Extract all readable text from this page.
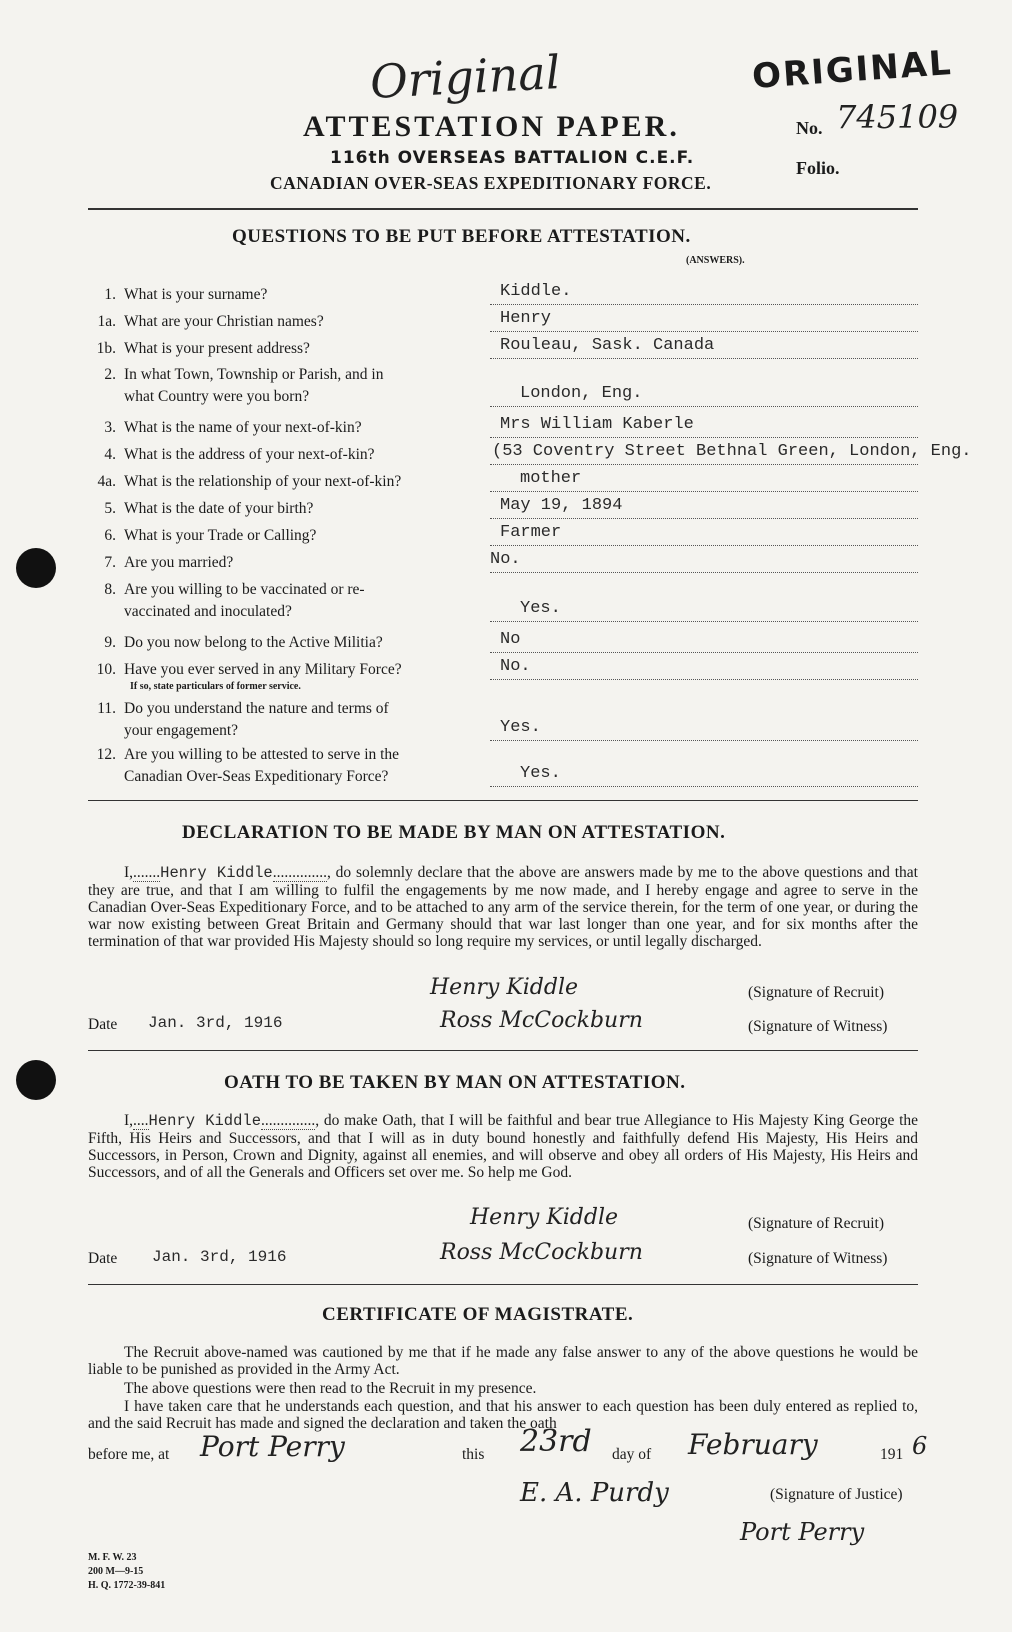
Original	ORIGINAL
ATTESTATION PAPER.
116th OVERSEAS BATTALION C.E.F.
CANADIAN OVER-SEAS EXPEDITIONARY FORCE.
No. 745109
Folio.
QUESTIONS TO BE PUT BEFORE ATTESTATION.
(ANSWERS).
1. What is your surname?	Kiddle.
1a. What are your Christian names?	Henry
1b. What is your present address?	Rouleau, Sask. Canada
2. In what Town, Township or Parish, and in
what Country were you born?	London, Eng.
3. What is the name of your next-of-kin?	Mrs William Kaberle
4. What is the address of your next-of-kin?	(53 Coventry Street Bethnal Green, London, Eng.
4a. What is the relationship of your next-of-kin?	mother
5. What is the date of your birth?	May 19, 1894
6. What is your Trade or Calling?	Farmer
7. Are you married?	No.
8. Are you willing to be vaccinated or re-
vaccinated and inoculated?	Yes.
9. Do you now belong to the Active Militia?	No
10. Have you ever served in any Military Force?
If so, state particulars of former service.
No.
11. Do you understand the nature and terms of
your engagement?	Yes.
12. Are you willing to be attested to serve in the
Canadian Over-Seas Expeditionary Force?	Yes.
DECLARATION TO BE MADE BY MAN ON ATTESTATION.
I,.......Henry Kiddle.............., do solemnly declare that the above are answers made by me to the above questions and that they are true, and that I am willing to fulfil the engagements by me now made, and I hereby engage and agree to serve in the Canadian Over-Seas Expeditionary Force, and to be attached to any arm of the service therein, for the term of one year, or during the war now existing between Great Britain and Germany should that war last longer than one year, and for six months after the termination of that war provided His Majesty should so long require my services, or until legally discharged.
Henry Kiddle	(Signature of Recruit)
Date Jan. 3rd, 1916	Ross McCockburn	(Signature of Witness)
OATH TO BE TAKEN BY MAN ON ATTESTATION.
I,....Henry Kiddle.............., do make Oath, that I will be faithful and bear true Allegiance to His Majesty King George the Fifth, His Heirs and Successors, and that I will as in duty bound honestly and faithfully defend His Majesty, His Heirs and Successors, in Person, Crown and Dignity, against all enemies, and will observe and obey all orders of His Majesty, His Heirs and Successors, and of all the Generals and Officers set over me. So help me God.
Henry Kiddle	(Signature of Recruit)
Date Jan. 3rd, 1916	Ross McCockburn	(Signature of Witness)
CERTIFICATE OF MAGISTRATE.
The Recruit above-named was cautioned by me that if he made any false answer to any of the above questions he would be liable to be punished as provided in the Army Act.
The above questions were then read to the Recruit in my presence.
I have taken care that he understands each question, and that his answer to each question has been duly entered as replied to, and the said Recruit has made and signed the declaration and taken the oath
before me, at Port Perry	this 23rd day of February	191 6
E. A. Purdy	(Signature of Justice)
Port Perry
M. F. W. 23
200 M—9-15
H. Q. 1772-39-841
